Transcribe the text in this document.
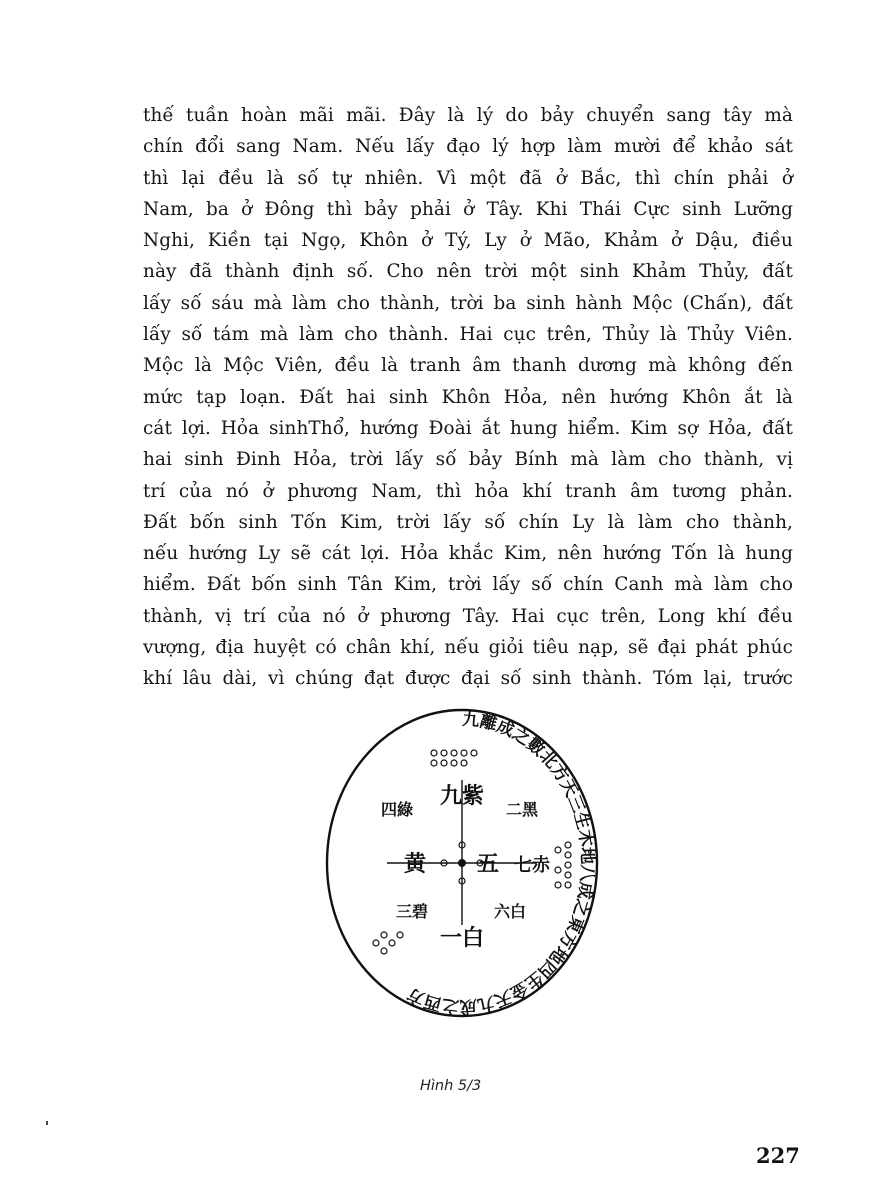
thế tuần hoàn mãi mãi. Đây là lý do bảy chuyển sang tây mà
chín đổi sang Nam. Nếu lấy đạo lý hợp làm mười để khảo sát
thì lại đều là số tự nhiên. Vì một đã ở Bắc, thì chín phải ở
Nam, ba ở Đông thì bảy phải ở Tây. Khi Thái Cực sinh Lưỡng
Nghi, Kiền tại Ngọ, Khôn ở Tý, Ly ở Mão, Khảm ở Dậu, điều
này đã thành định số. Cho nên trời một sinh Khảm Thủy, đất
lấy số sáu mà làm cho thành, trời ba sinh hành Mộc (Chấn), đất
lấy số tám mà làm cho thành. Hai cục trên, Thủy là Thủy Viên.
Mộc là Mộc Viên, đều là tranh âm thanh dương mà không đến
mức tạp loạn. Đất hai sinh Khôn Hỏa, nên hướng Khôn ắt là
cát lợi. Hỏa sinhThổ, hướng Đoài ắt hung hiểm. Kim sợ Hỏa, đất
hai sinh Đinh Hỏa, trời lấy số bảy Bính mà làm cho thành, vị
trí của nó ở phương Nam, thì hỏa khí tranh âm tương phản.
Đất bốn sinh Tốn Kim, trời lấy số chín Ly là làm cho thành,
nếu hướng Ly sẽ cát lợi. Hỏa khắc Kim, nên hướng Tốn là hung
hiểm. Đất bốn sinh Tân Kim, trời lấy số chín Canh mà làm cho
thành, vị trí của nó ở phương Tây. Hai cục trên, Long khí đều
vượng, địa huyệt có chân khí, nếu giỏi tiêu nạp, sẽ đại phát phúc
khí lâu dài, vì chúng đạt được đại số sinh thành. Tóm lại, trước
九離成之數北方天三生木地八成之東方地四生金天九成之西方
九紫
黄 五 七赤
一白
四綠	二黑
三碧	六白
Hình 5/3
227
